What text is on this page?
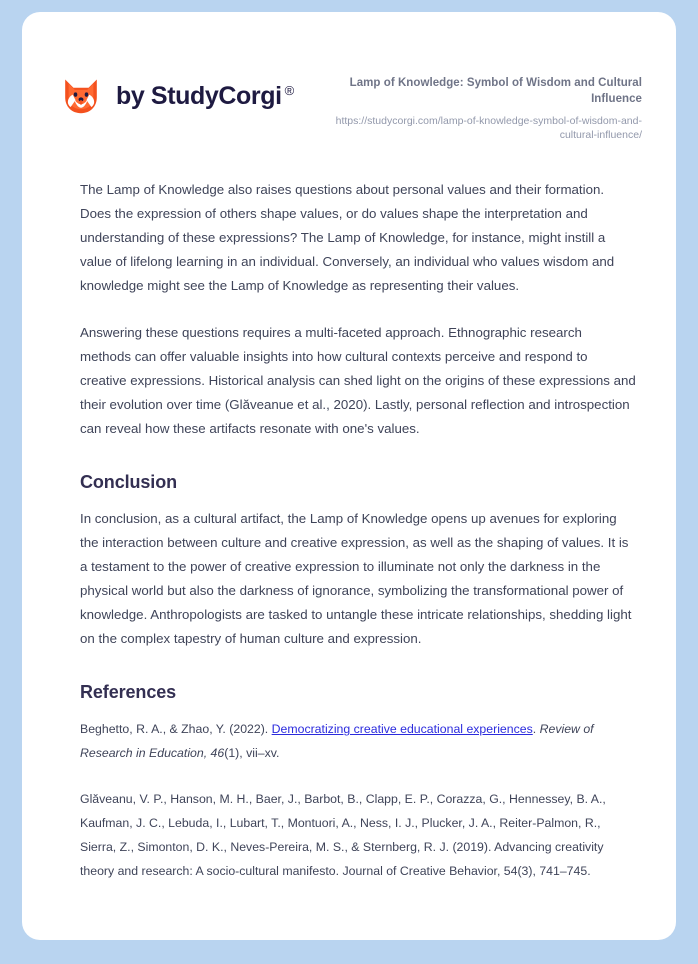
by StudyCorgi ®	Lamp of Knowledge: Symbol of Wisdom and Cultural Influence

https://studycorgi.com/lamp-of-knowledge-symbol-of-wisdom-and-cultural-influence/

The Lamp of Knowledge also raises questions about personal values and their formation. Does the expression of others shape values, or do values shape the interpretation and understanding of these expressions? The Lamp of Knowledge, for instance, might instill a value of lifelong learning in an individual. Conversely, an individual who values wisdom and knowledge might see the Lamp of Knowledge as representing their values.

Answering these questions requires a multi-faceted approach. Ethnographic research methods can offer valuable insights into how cultural contexts perceive and respond to creative expressions. Historical analysis can shed light on the origins of these expressions and their evolution over time (Glăveanue et al., 2020). Lastly, personal reflection and introspection can reveal how these artifacts resonate with one's values.

Conclusion

In conclusion, as a cultural artifact, the Lamp of Knowledge opens up avenues for exploring the interaction between culture and creative expression, as well as the shaping of values. It is a testament to the power of creative expression to illuminate not only the darkness in the physical world but also the darkness of ignorance, symbolizing the transformational power of knowledge. Anthropologists are tasked to untangle these intricate relationships, shedding light on the complex tapestry of human culture and expression.

References

Beghetto, R. A., & Zhao, Y. (2022). Democratizing creative educational experiences. Review of Research in Education, 46(1), vii–xv.

Glăveanu, V. P., Hanson, M. H., Baer, J., Barbot, B., Clapp, E. P., Corazza, G., Hennessey, B. A., Kaufman, J. C., Lebuda, I., Lubart, T., Montuori, A., Ness, I. J., Plucker, J. A., Reiter-Palmon, R., Sierra, Z., Simonton, D. K., Neves-Pereira, M. S., & Sternberg, R. J. (2019). Advancing creativity theory and research: A socio-cultural manifesto. Journal of Creative Behavior, 54(3), 741–745.
